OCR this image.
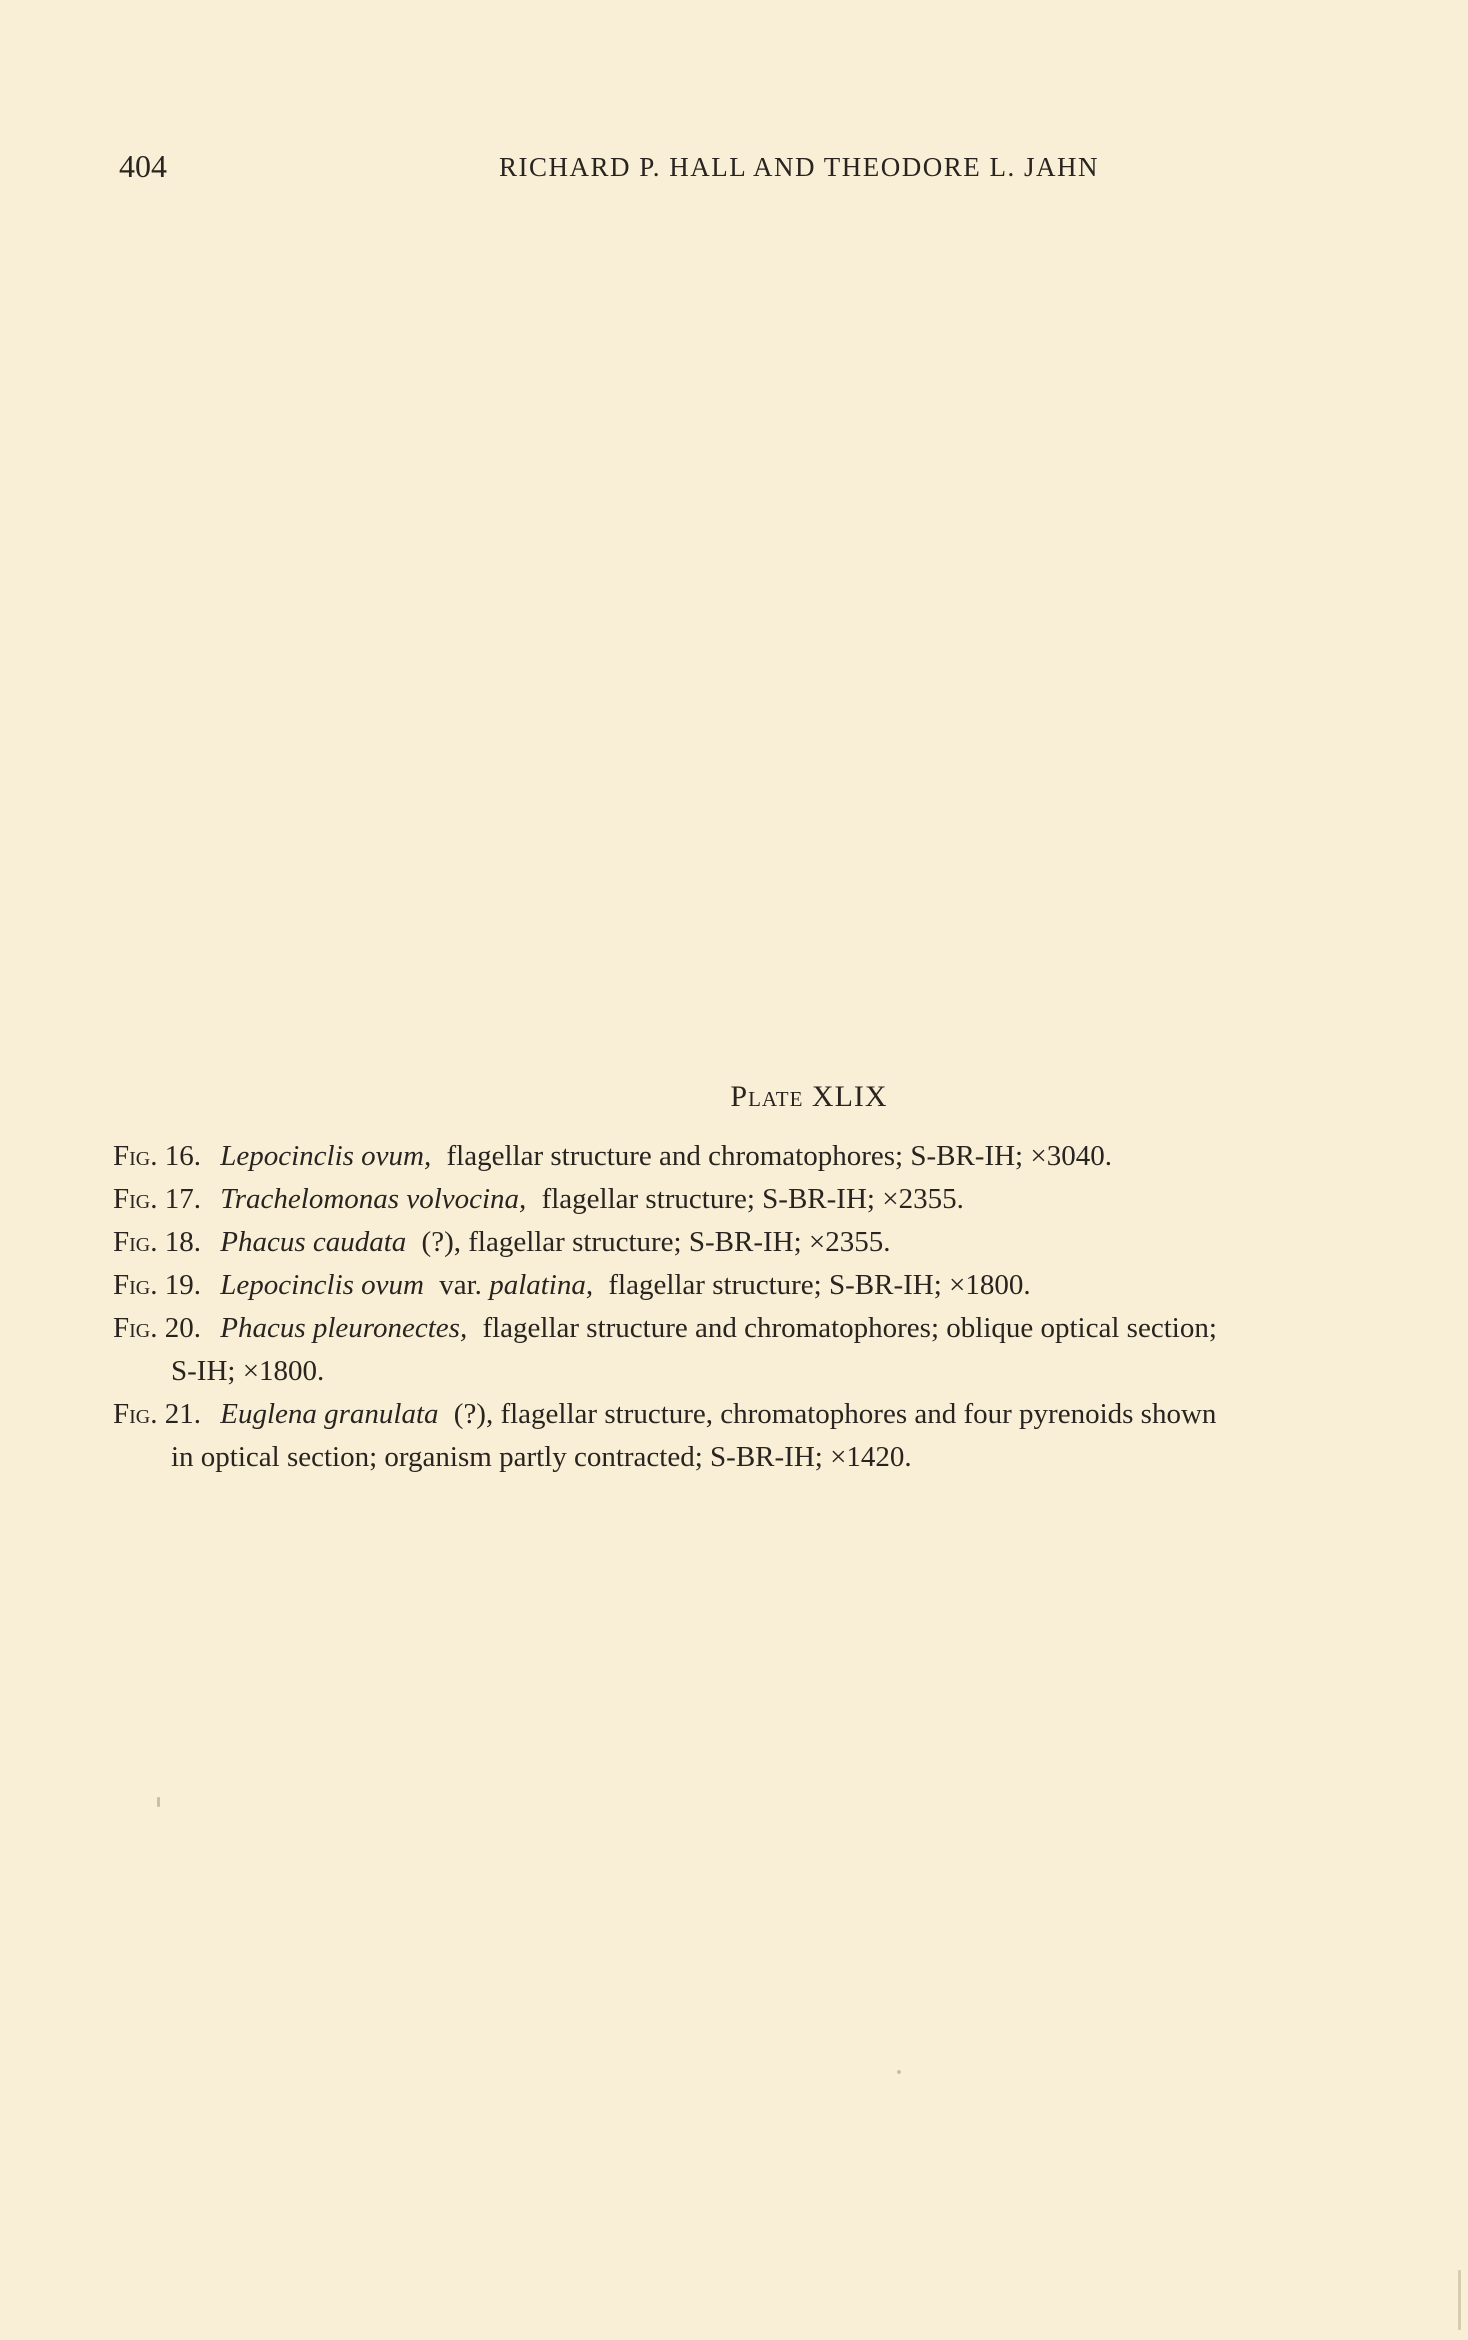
404	RICHARD P. HALL AND THEODORE L. JAHN
Plate XLIX
Fig. 16. Lepocinclis ovum, flagellar structure and chromatophores; S-BR-IH; ×3040.
Fig. 17. Trachelomonas volvocina, flagellar structure; S-BR-IH; ×2355.
Fig. 18. Phacus caudata (?), flagellar structure; S-BR-IH; ×2355.
Fig. 19. Lepocinclis ovum var. palatina, flagellar structure; S-BR-IH; ×1800.
Fig. 20. Phacus pleuronectes, flagellar structure and chromatophores; oblique optical section;
S-IH; ×1800.
Fig. 21. Euglena granulata (?), flagellar structure, chromatophores and four pyrenoids shown
in optical section; organism partly contracted; S-BR-IH; ×1420.
